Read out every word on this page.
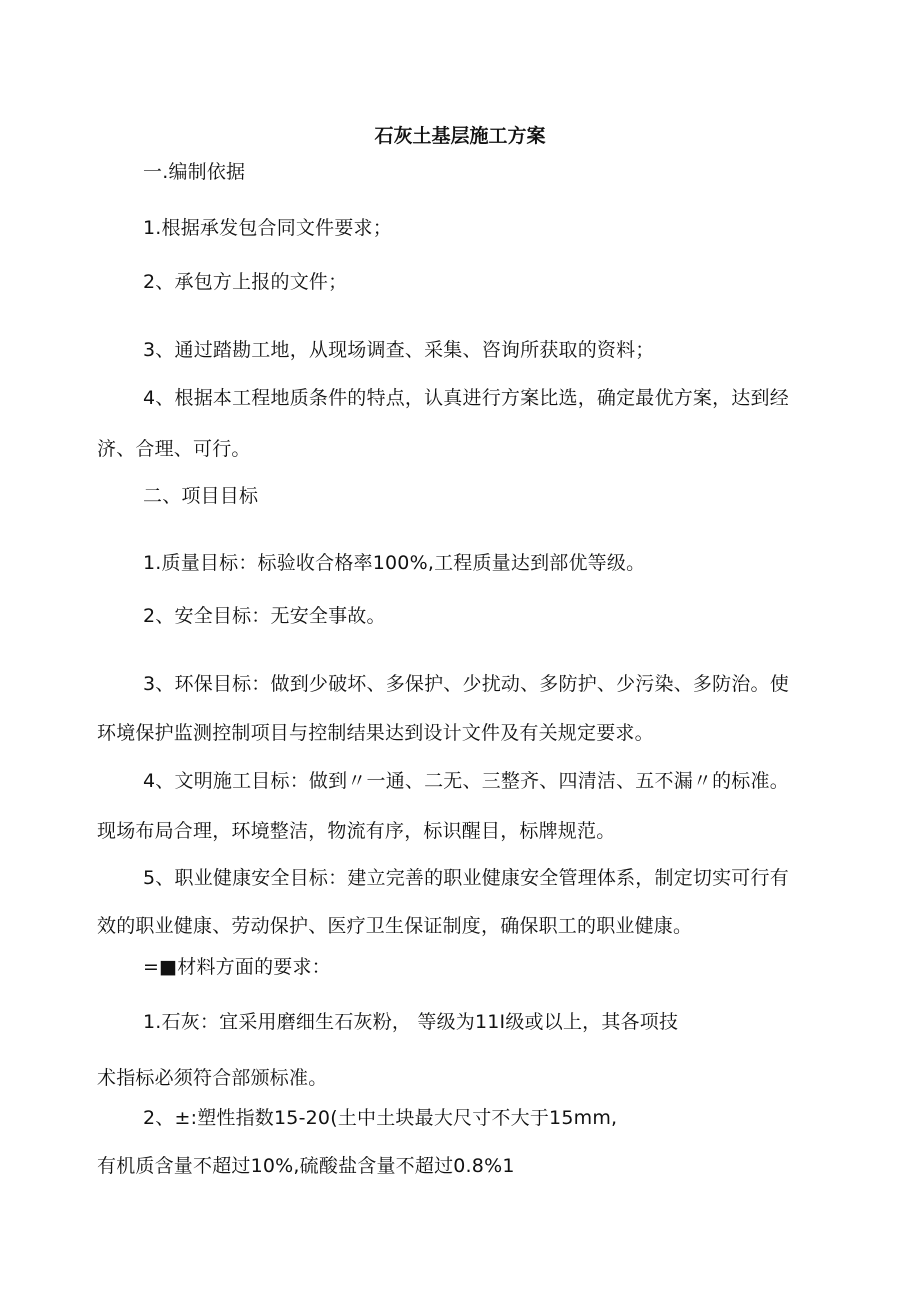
石灰土基层施工方案
一.编制依据
1.根据承发包合同文件要求；
2、承包方上报的文件；
3、通过踏勘工地，从现场调查、采集、咨询所获取的资料；
4、根据本工程地质条件的特点，认真进行方案比选，确定最优方案，达到经
济、合理、可行。
二、项目目标
1.质量目标：标验收合格率100%,工程质量达到部优等级。
2、安全目标：无安全事故。
3、环保目标：做到少破坏、多保护、少扰动、多防护、少污染、多防治。使
环境保护监测控制项目与控制结果达到设计文件及有关规定要求。
4、文明施工目标：做到〃一通、二无、三整齐、四清洁、五不漏〃的标准。
现场布局合理，环境整洁，物流有序，标识醒目，标牌规范。
5、职业健康安全目标：建立完善的职业健康安全管理体系，制定切实可行有
效的职业健康、劳动保护、医疗卫生保证制度，确保职工的职业健康。
=■材料方面的要求：
1.石灰：宜采用磨细生石灰粉， 等级为11I级或以上，其各项技
术指标必须符合部颁标准。
2、±:塑性指数15-20(土中土块最大尺寸不大于15mm,
有机质含量不超过10%,硫酸盐含量不超过0.8%1
